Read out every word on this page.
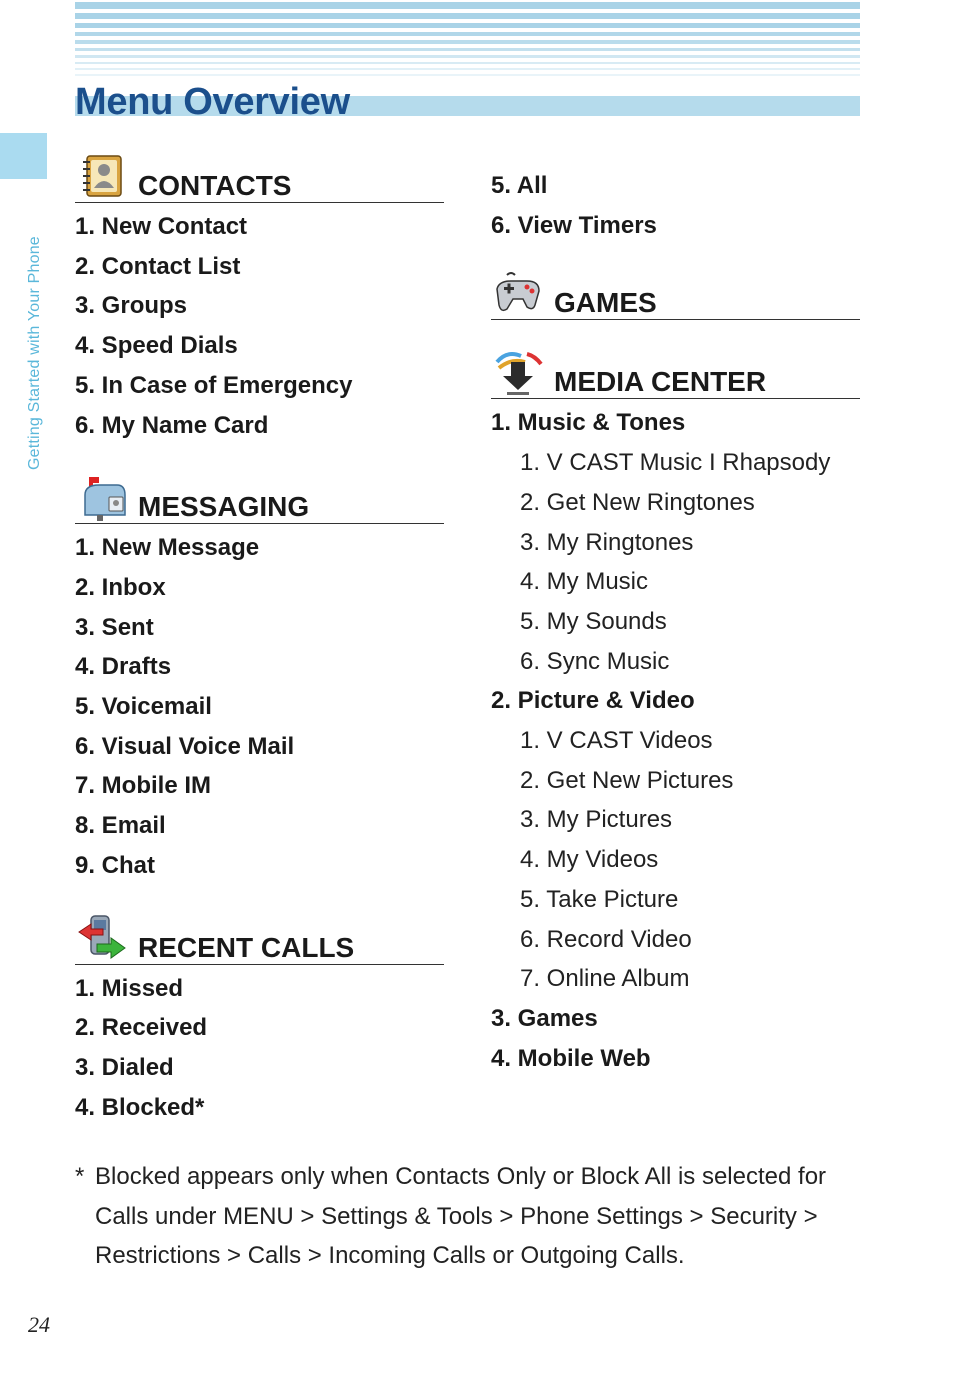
Menu Overview
Getting Started with Your Phone
CONTACTS
1. New Contact
2. Contact List
3. Groups
4. Speed Dials
5. In Case of Emergency
6. My Name Card
MESSAGING
1. New Message
2. Inbox
3. Sent
4. Drafts
5. Voicemail
6. Visual Voice Mail
7. Mobile IM
8. Email
9. Chat
RECENT CALLS
1. Missed
2. Received
3. Dialed
4. Blocked*
5. All
6. View Timers
GAMES
MEDIA CENTER
1. Music & Tones
1. V CAST Music I Rhapsody
2. Get New Ringtones
3. My Ringtones
4. My Music
5. My Sounds
6. Sync Music
2. Picture & Video
1. V CAST Videos
2. Get New Pictures
3. My Pictures
4. My Videos
5. Take Picture
6. Record Video
7. Online Album
3. Games
4. Mobile Web
* Blocked appears only when Contacts Only or Block All is selected for Calls under MENU > Settings & Tools > Phone Settings > Security > Restrictions > Calls > Incoming Calls or Outgoing Calls.
24
